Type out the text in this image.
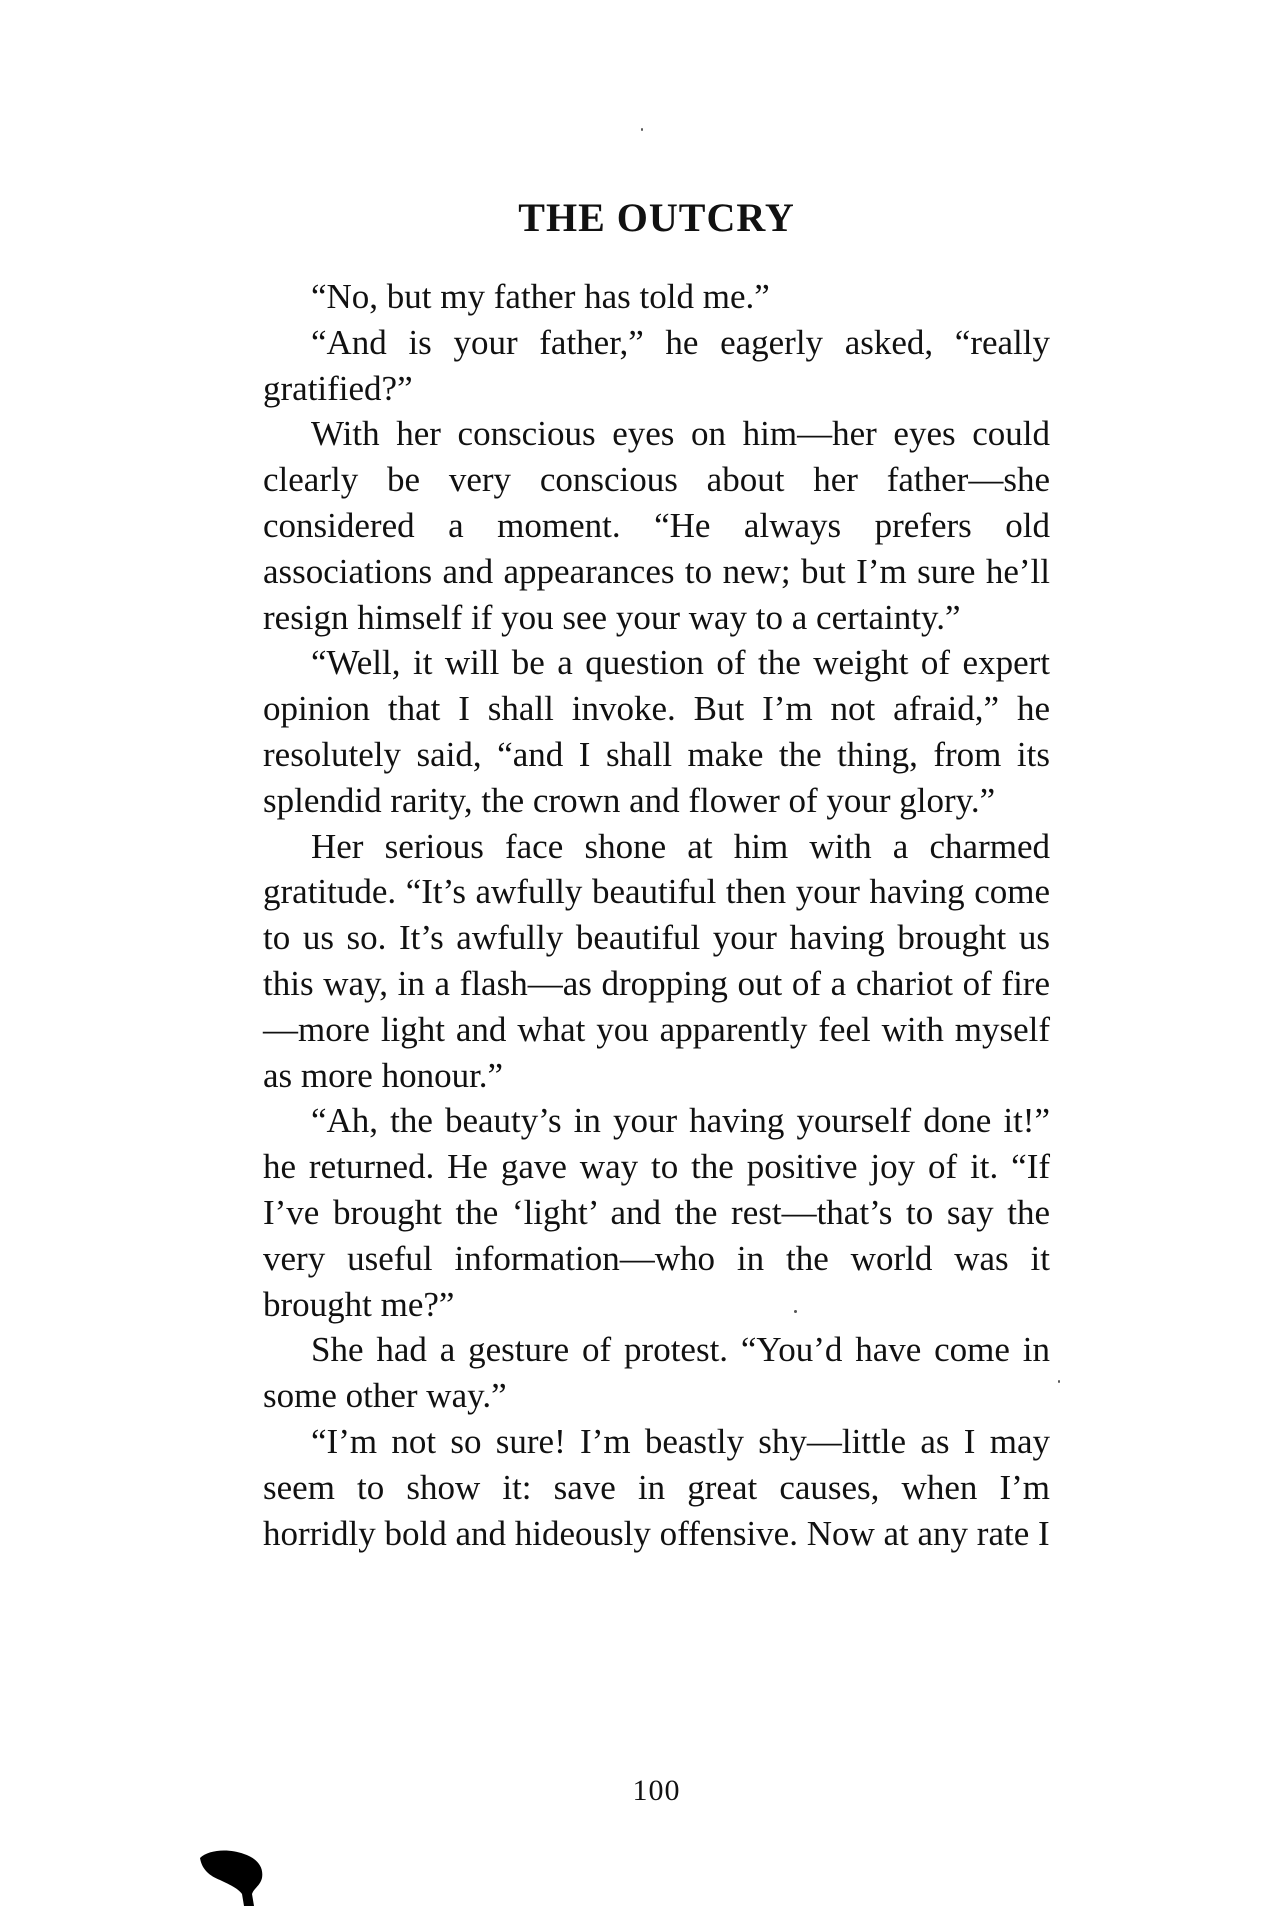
THE OUTCRY

“No, but my father has told me.”

“And is your father,” he eagerly asked, “really gratified?”

With her conscious eyes on him—her eyes could clearly be very conscious about her father—she considered a moment. “He always prefers old associations and appearances to new; but I’m sure he’ll resign himself if you see your way to a certainty.”

“Well, it will be a question of the weight of expert opinion that I shall invoke. But I’m not afraid,” he resolutely said, “and I shall make the thing, from its splendid rarity, the crown and flower of your glory.”

Her serious face shone at him with a charmed gratitude. “It’s awfully beautiful then your having come to us so. It’s awfully beautiful your having brought us this way, in a flash—as dropping out of a chariot of fire—more light and what you apparently feel with myself as more honour.”

“Ah, the beauty’s in your having yourself done it!” he returned. He gave way to the positive joy of it. “If I’ve brought the ‘light’ and the rest—that’s to say the very useful information—who in the world was it brought me?”

She had a gesture of protest. “You’d have come in some other way.”

“I’m not so sure! I’m beastly shy—little as I may seem to show it: save in great causes, when I’m horridly bold and hideously offensive. Now at any rate I

100
